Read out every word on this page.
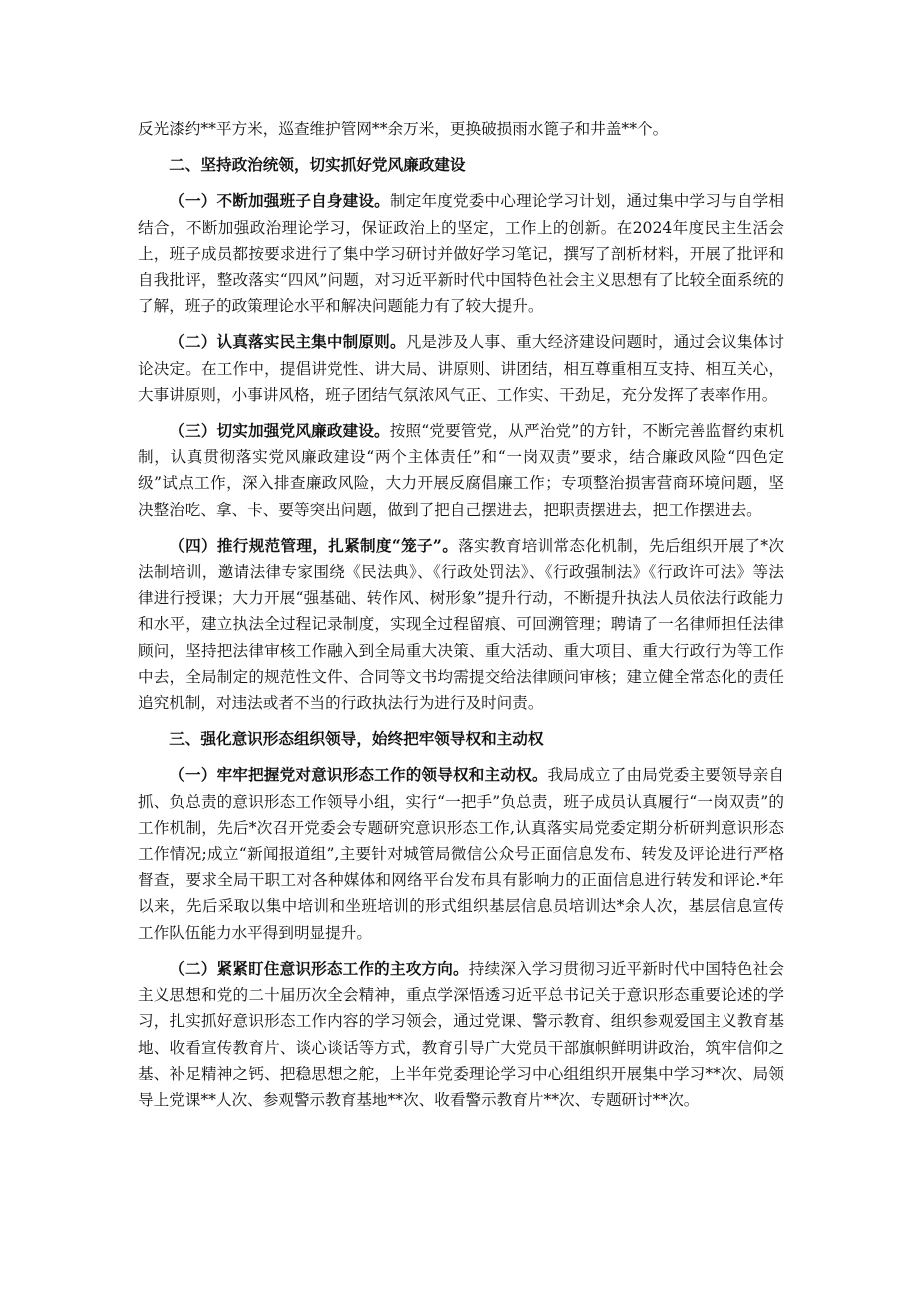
反光漆约**平方米，巡查维护管网**余万米，更换破损雨水篦子和井盖**个。

二、坚持政治统领，切实抓好党风廉政建设

（一）不断加强班子自身建设。制定年度党委中心理论学习计划，通过集中学习与自学相结合，不断加强政治理论学习，保证政治上的坚定，工作上的创新。在2024年度民主生活会上，班子成员都按要求进行了集中学习研讨并做好学习笔记，撰写了剖析材料，开展了批评和自我批评，整改落实“四风”问题，对习近平新时代中国特色社会主义思想有了比较全面系统的了解，班子的政策理论水平和解决问题能力有了较大提升。

（二）认真落实民主集中制原则。凡是涉及人事、重大经济建设问题时，通过会议集体讨论决定。在工作中，提倡讲党性、讲大局、讲原则、讲团结，相互尊重相互支持、相互关心，大事讲原则，小事讲风格，班子团结气氛浓风气正、工作实、干劲足，充分发挥了表率作用。

（三）切实加强党风廉政建设。按照“党要管党，从严治党”的方针，不断完善监督约束机制，认真贯彻落实党风廉政建设“两个主体责任”和“一岗双责”要求，结合廉政风险“四色定级”试点工作，深入排查廉政风险，大力开展反腐倡廉工作；专项整治损害营商环境问题，坚决整治吃、拿、卡、要等突出问题，做到了把自己摆进去，把职责摆进去，把工作摆进去。

（四）推行规范管理，扎紧制度“笼子”。落实教育培训常态化机制，先后组织开展了*次法制培训，邀请法律专家围绕《民法典》、《行政处罚法》、《行政强制法》《行政许可法》等法律进行授课；大力开展“强基础、转作风、树形象”提升行动，不断提升执法人员依法行政能力和水平，建立执法全过程记录制度，实现全过程留痕、可回溯管理；聘请了一名律师担任法律顾问，坚持把法律审核工作融入到全局重大决策、重大活动、重大项目、重大行政行为等工作中去，全局制定的规范性文件、合同等文书均需提交给法律顾问审核；建立健全常态化的责任追究机制，对违法或者不当的行政执法行为进行及时问责。

三、强化意识形态组织领导，始终把牢领导权和主动权

（一）牢牢把握党对意识形态工作的领导权和主动权。我局成立了由局党委主要领导亲自抓、负总责的意识形态工作领导小组，实行“一把手”负总责，班子成员认真履行“一岗双责”的工作机制，先后*次召开党委会专题研究意识形态工作,认真落实局党委定期分析研判意识形态工作情况;成立“新闻报道组”,主要针对城管局微信公众号正面信息发布、转发及评论进行严格督查，要求全局干职工对各种媒体和网络平台发布具有影响力的正面信息进行转发和评论.*年以来，先后采取以集中培训和坐班培训的形式组织基层信息员培训达*余人次，基层信息宣传工作队伍能力水平得到明显提升。

（二）紧紧盯住意识形态工作的主攻方向。持续深入学习贯彻习近平新时代中国特色社会主义思想和党的二十届历次全会精神，重点学深悟透习近平总书记关于意识形态重要论述的学习，扎实抓好意识形态工作内容的学习领会，通过党课、警示教育、组织参观爱国主义教育基地、收看宣传教育片、谈心谈话等方式，教育引导广大党员干部旗帜鲜明讲政治，筑牢信仰之基、补足精神之钙、把稳思想之舵，上半年党委理论学习中心组组织开展集中学习**次、局领导上党课**人次、参观警示教育基地**次、收看警示教育片**次、专题研讨**次。
